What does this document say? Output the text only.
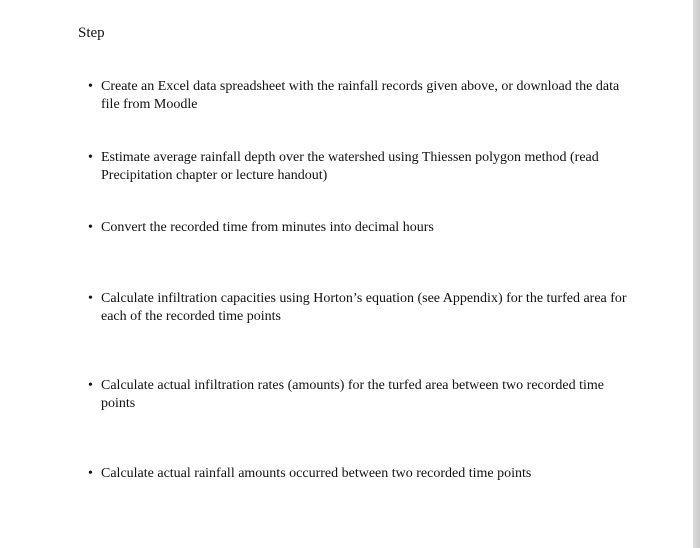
Step
• Create an Excel data spreadsheet with the rainfall records given above, or download the data file from Moodle
• Estimate average rainfall depth over the watershed using Thiessen polygon method (read Precipitation chapter or lecture handout)
• Convert the recorded time from minutes into decimal hours
• Calculate infiltration capacities using Horton’s equation (see Appendix) for the turfed area for each of the recorded time points
• Calculate actual infiltration rates (amounts) for the turfed area between two recorded time points
• Calculate actual rainfall amounts occurred between two recorded time points
